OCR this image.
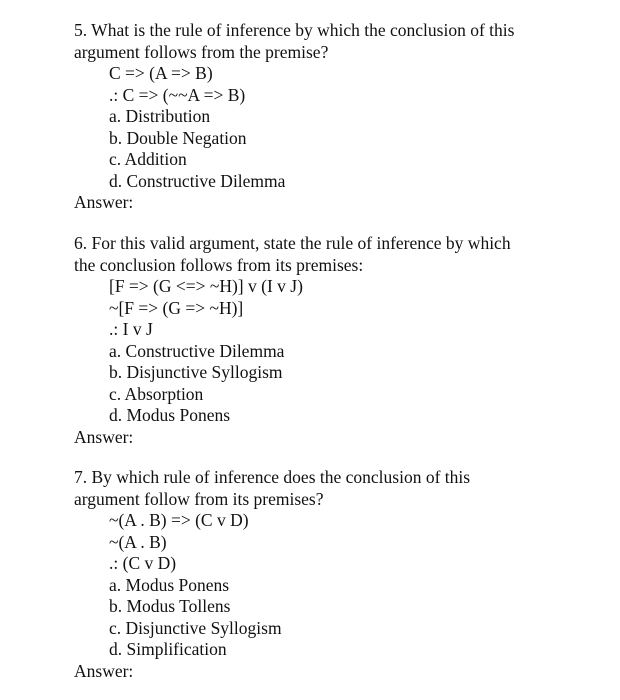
5. What is the rule of inference by which the conclusion of this

argument follows from the premise?

C => (A => B)

.: C => (~~A => B)

a. Distribution

b. Double Negation

c. Addition

d. Constructive Dilemma

Answer:

6. For this valid argument, state the rule of inference by which

the conclusion follows from its premises:

[F => (G <=> ~H)] v (I v J)

~[F => (G => ~H)]

.: I v J

a. Constructive Dilemma

b. Disjunctive Syllogism

c. Absorption

d. Modus Ponens

Answer:

7. By which rule of inference does the conclusion of this

argument follow from its premises?

~(A . B) => (C v D)

~(A . B)

.: (C v D)

a. Modus Ponens

b. Modus Tollens

c. Disjunctive Syllogism

d. Simplification

Answer:
